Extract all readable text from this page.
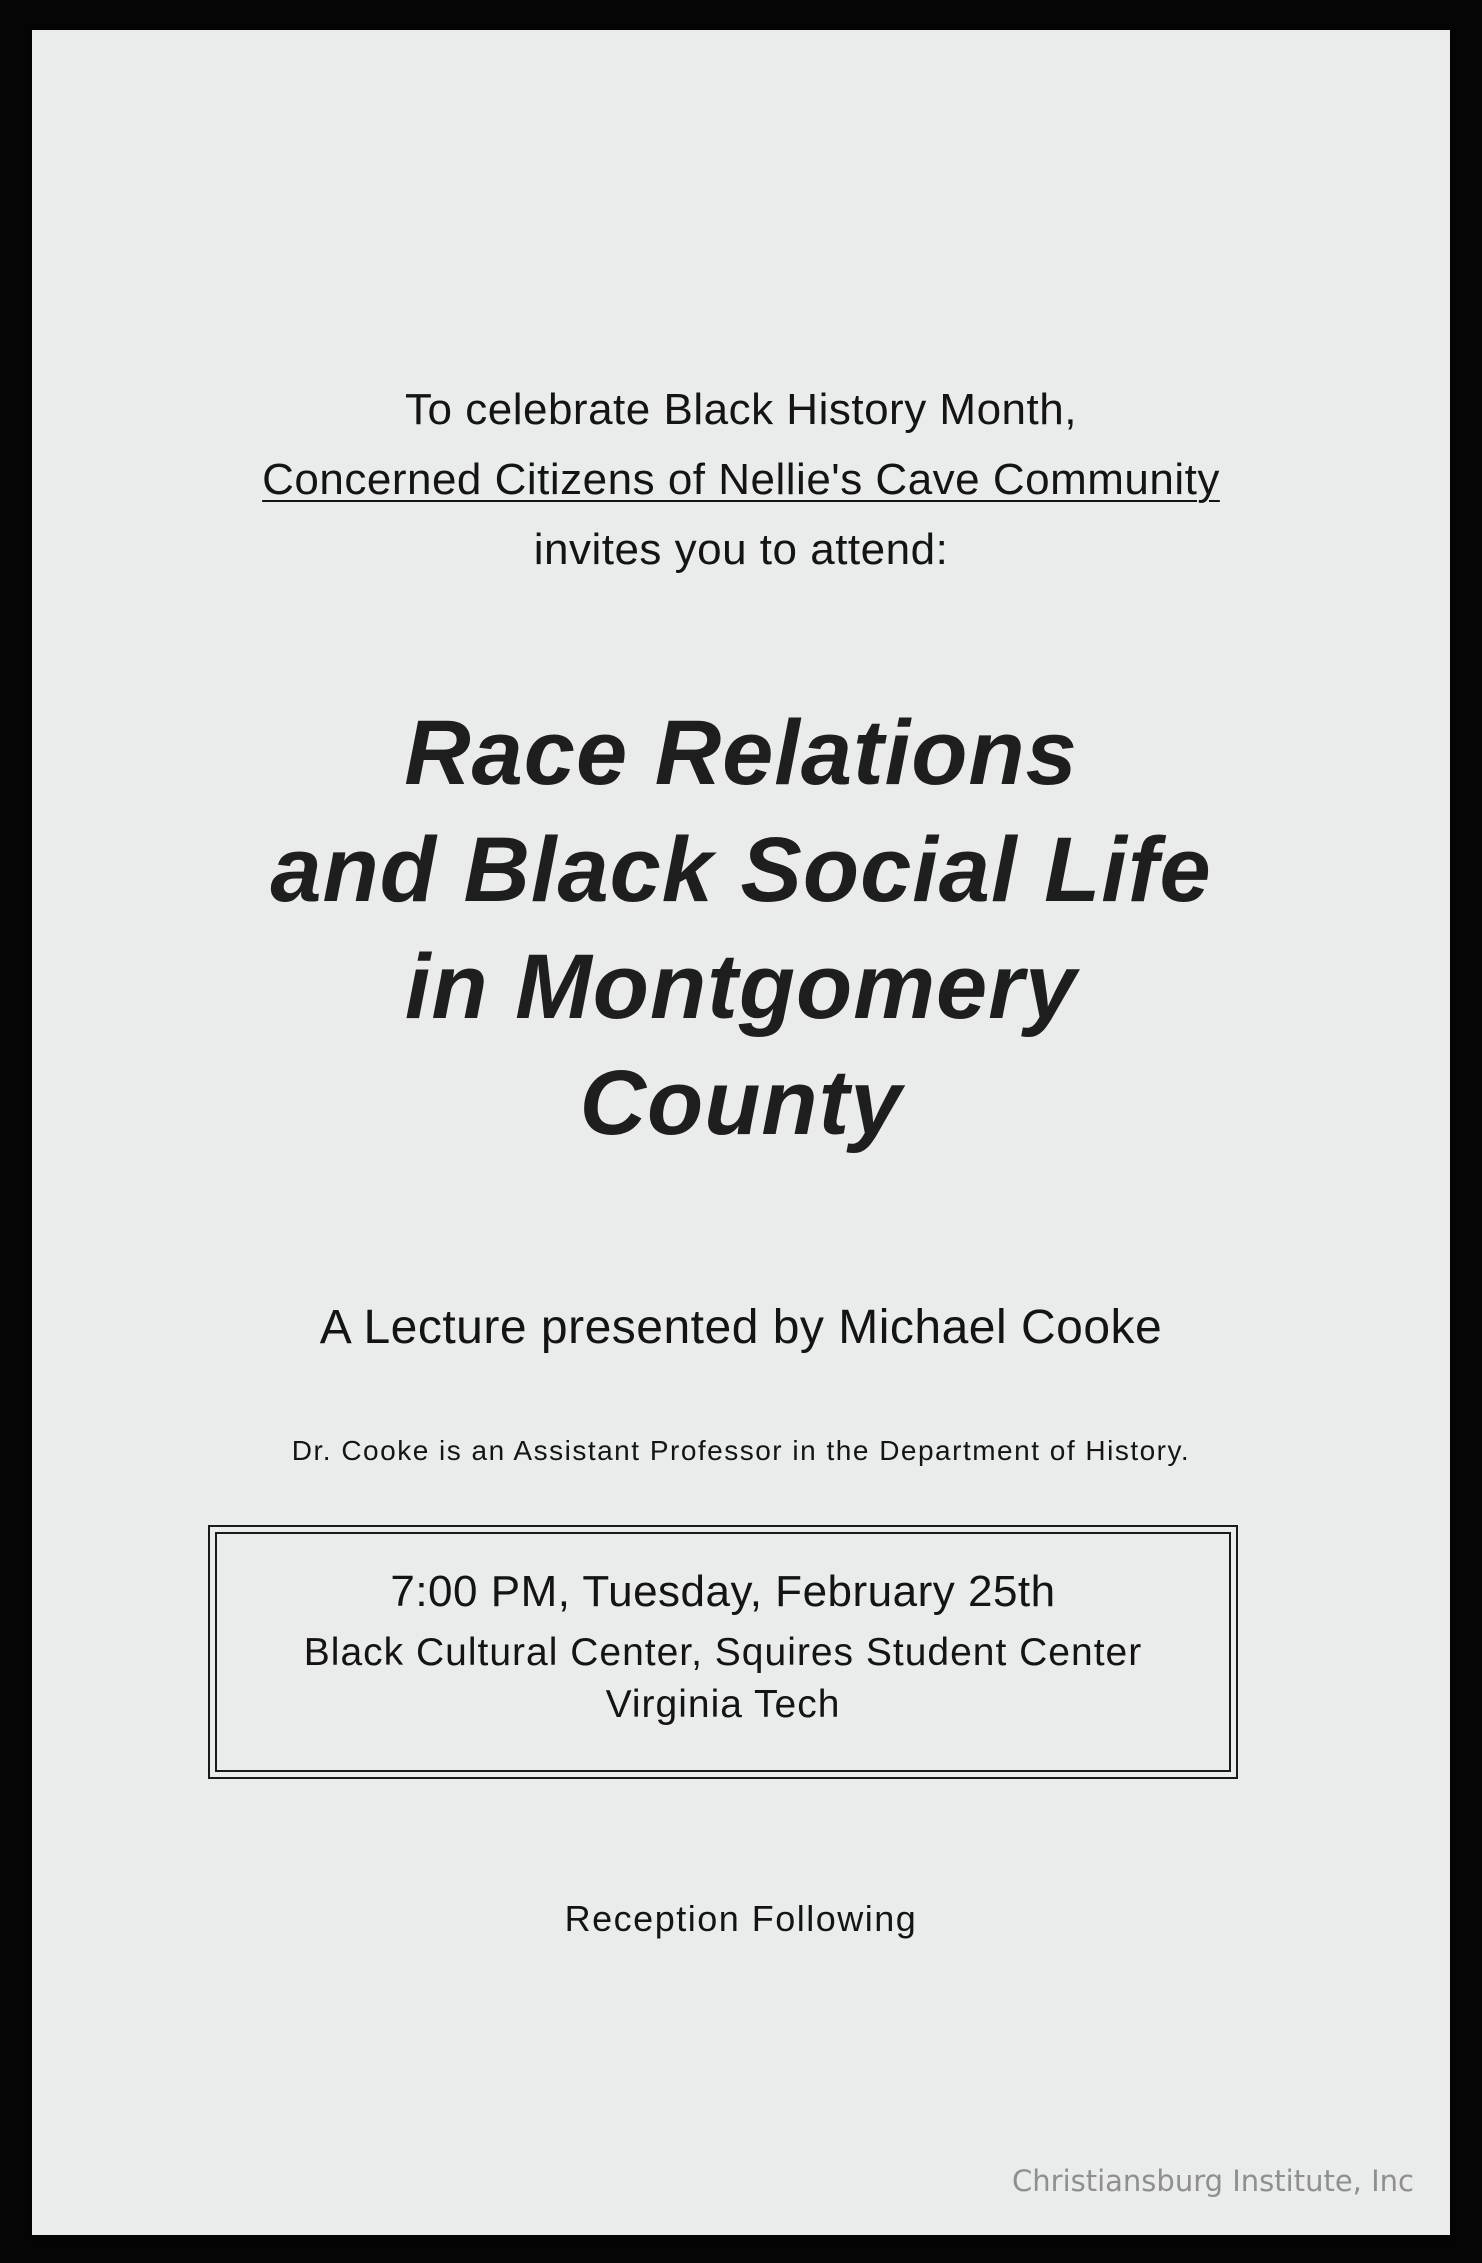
To celebrate Black History Month,
Concerned Citizens of Nellie's Cave Community
invites you to attend:
Race Relations
and Black Social Life
in Montgomery
County
A Lecture presented by Michael Cooke
Dr. Cooke is an Assistant Professor in the Department of History.
7:00 PM, Tuesday, February 25th
Black Cultural Center, Squires Student Center
Virginia Tech
Reception Following
Christiansburg Institute, Inc
